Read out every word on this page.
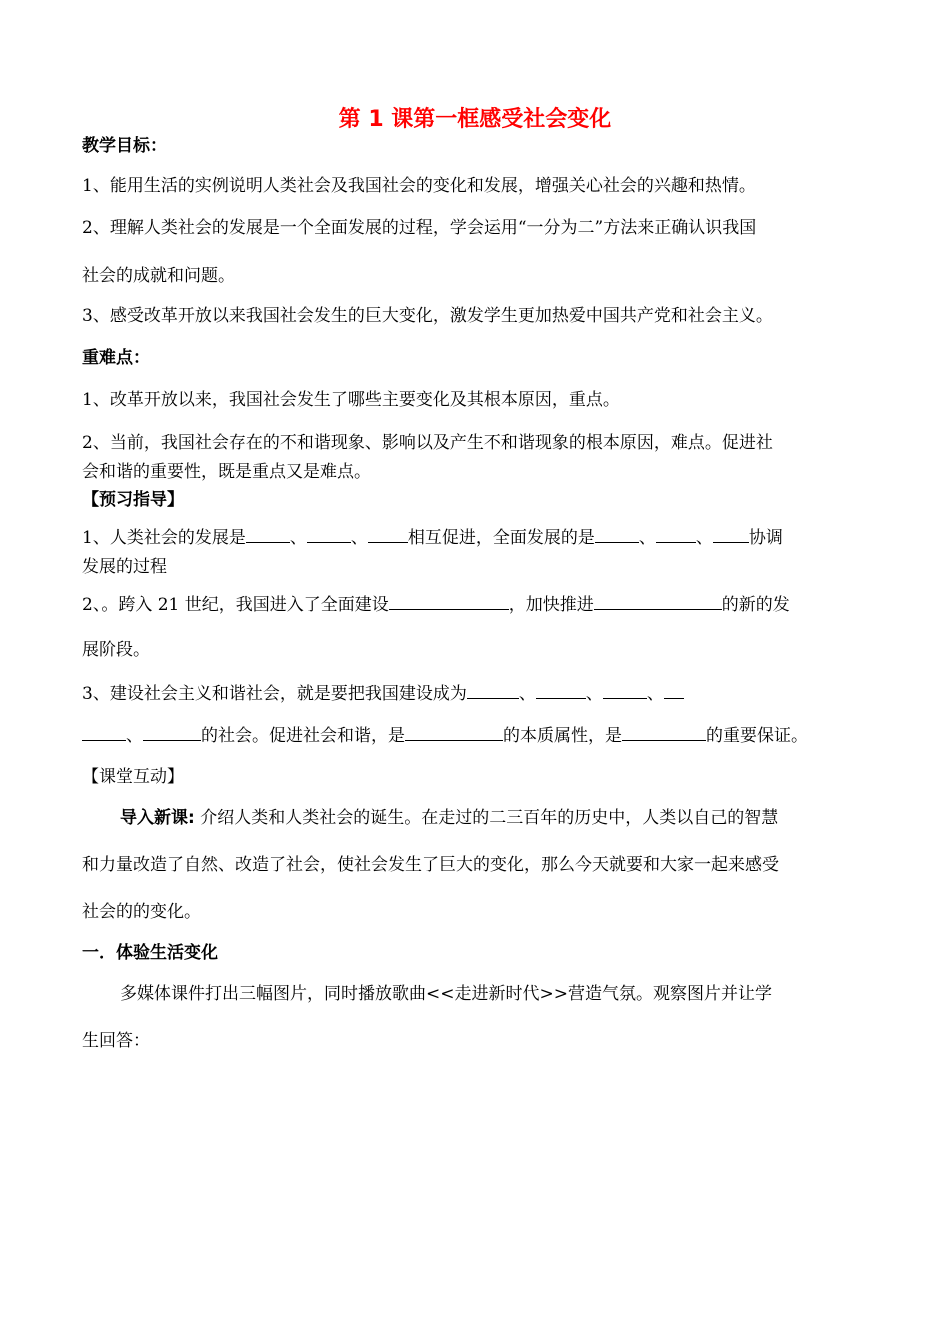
第 1 课第一框感受社会变化
教学目标：
1、能用生活的实例说明人类社会及我国社会的变化和发展，增强关心社会的兴趣和热情。
2、理解人类社会的发展是一个全面发展的过程，学会运用“一分为二”方法来正确认识我国
社会的成就和问题。
3、感受改革开放以来我国社会发生的巨大变化，激发学生更加热爱中国共产党和社会主义。
重难点：
1、改革开放以来，我国社会发生了哪些主要变化及其根本原因，重点。
2、当前，我国社会存在的不和谐现象、影响以及产生不和谐现象的根本原因，难点。促进社
会和谐的重要性，既是重点又是难点。
【预习指导】
1、人类社会的发展是	、	、 相互促进，全面发展的是	、 、 协调
发展的过程
2、。跨入 21 世纪，我国进入了全面建设	，加快推进	的新的发
展阶段。
3、建设社会主义和谐社会，就是要把我国建设成为	、	、	、
、	的社会。促进社会和谐，是	的本质属性，是	的重要保证。
【课堂互动】
导入新课: 介绍人类和人类社会的诞生。在走过的二三百年的历史中，人类以自己的智慧
和力量改造了自然、改造了社会，使社会发生了巨大的变化，那么今天就要和大家一起来感受
社会的的变化。
一．体验生活变化
多媒体课件打出三幅图片，同时播放歌曲<<走进新时代>>营造气氛。观察图片并让学
生回答：
